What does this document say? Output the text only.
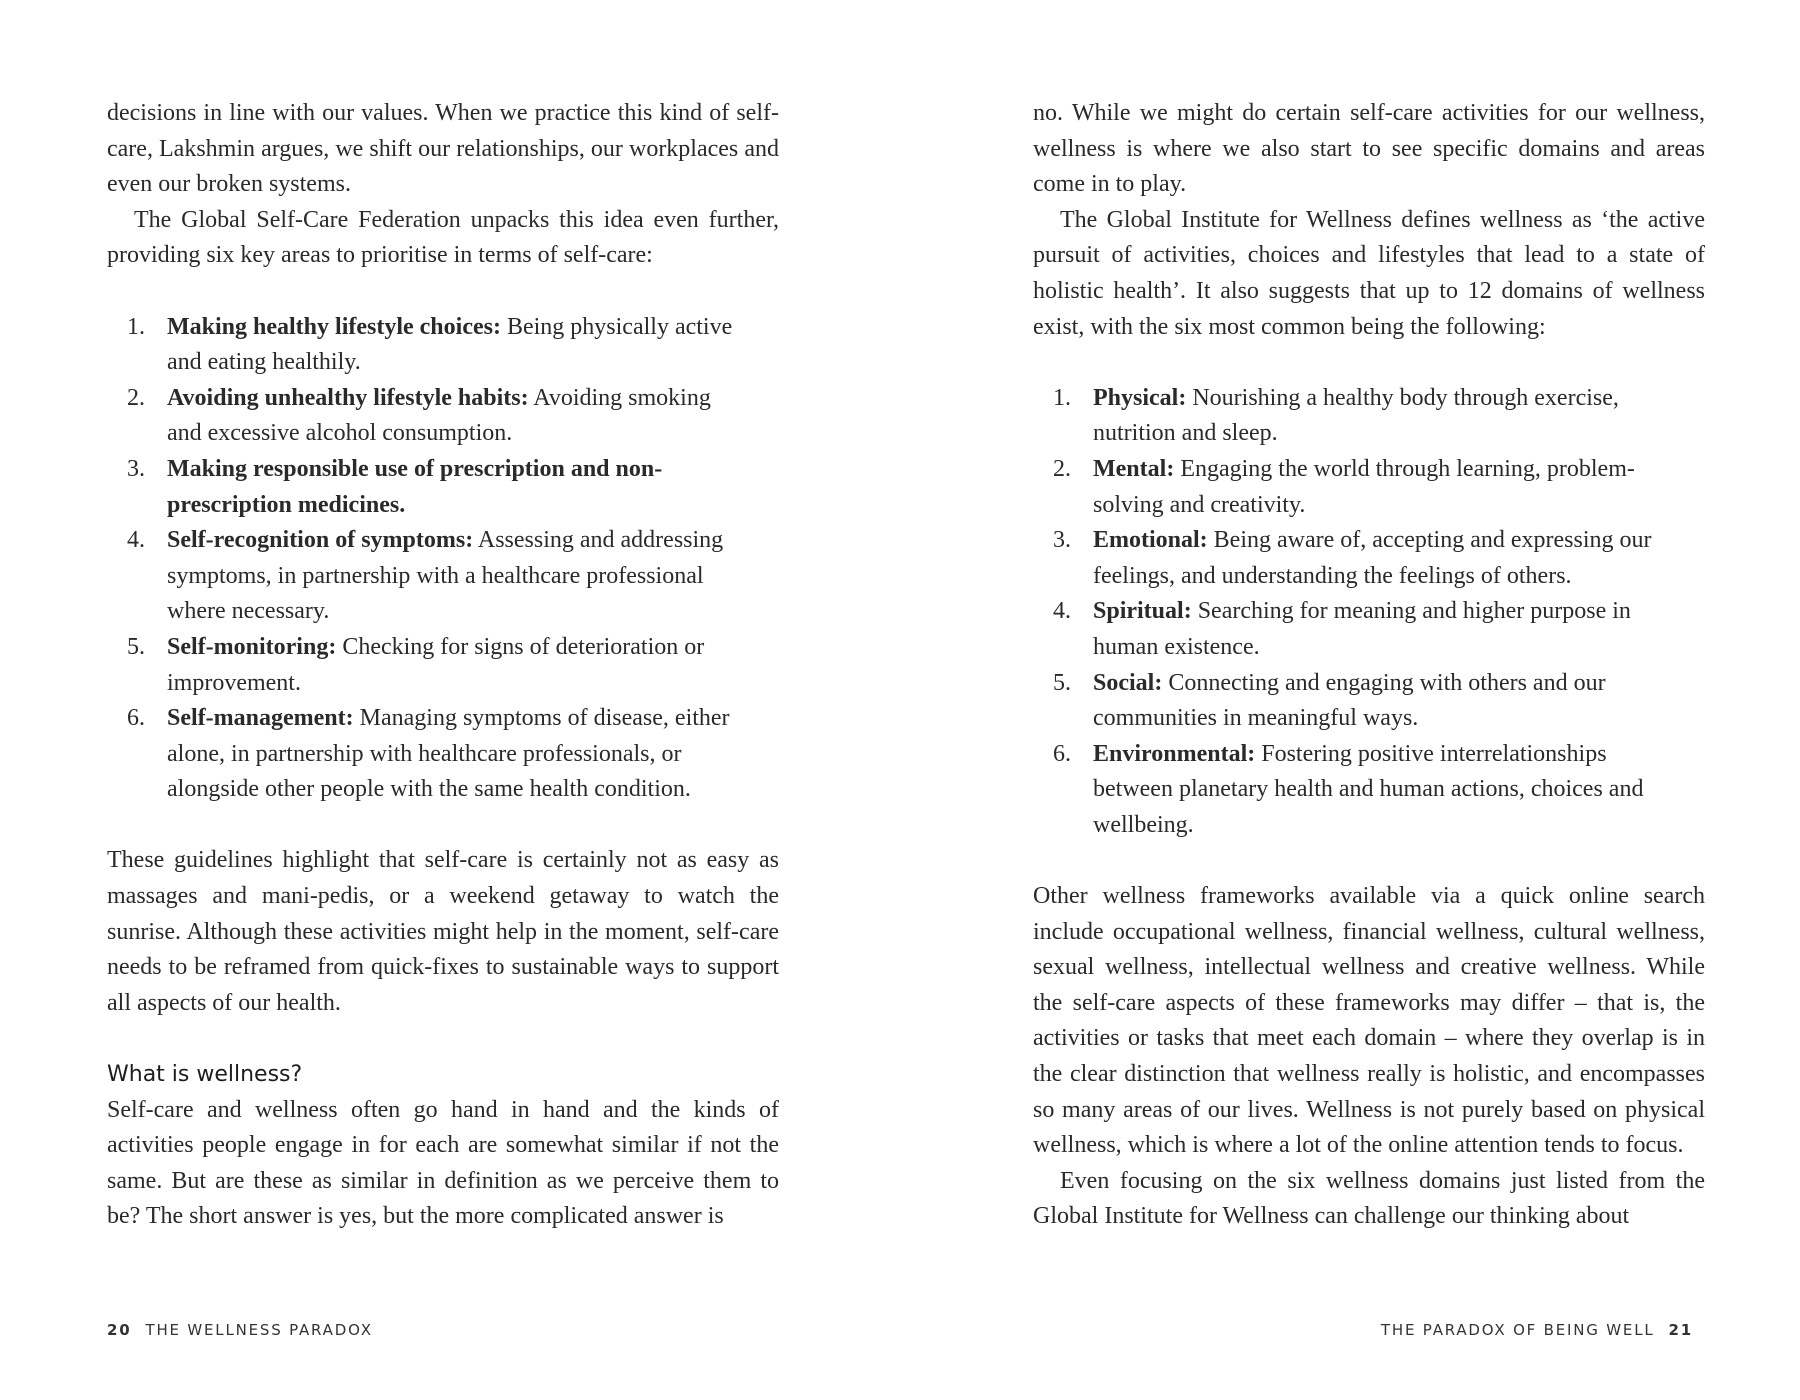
decisions in line with our values. When we practice this kind of self-care, Lakshmin argues, we shift our relationships, our workplaces and even our broken systems.

The Global Self-Care Federation unpacks this idea even further, providing six key areas to prioritise in terms of self-care:

1. Making healthy lifestyle choices: Being physically active and eating healthily.
2. Avoiding unhealthy lifestyle habits: Avoiding smoking and excessive alcohol consumption.
3. Making responsible use of prescription and non-prescription medicines.
4. Self-recognition of symptoms: Assessing and addressing symptoms, in partnership with a healthcare professional where necessary.
5. Self-monitoring: Checking for signs of deterioration or improvement.
6. Self-management: Managing symptoms of disease, either alone, in partnership with healthcare professionals, or alongside other people with the same health condition.

These guidelines highlight that self-care is certainly not as easy as massages and mani-pedis, or a weekend getaway to watch the sunrise. Although these activities might help in the moment, self-care needs to be reframed from quick-fixes to sustainable ways to support all aspects of our health.

What is wellness?

Self-care and wellness often go hand in hand and the kinds of activities people engage in for each are somewhat similar if not the same. But are these as similar in definition as we perceive them to be? The short answer is yes, but the more complicated answer is

20 THE WELLNESS PARADOX

no. While we might do certain self-care activities for our wellness, wellness is where we also start to see specific domains and areas come in to play.

The Global Institute for Wellness defines wellness as ‘the active pursuit of activities, choices and lifestyles that lead to a state of holistic health’. It also suggests that up to 12 domains of wellness exist, with the six most common being the following:

1. Physical: Nourishing a healthy body through exercise, nutrition and sleep.
2. Mental: Engaging the world through learning, problem-solving and creativity.
3. Emotional: Being aware of, accepting and expressing our feelings, and understanding the feelings of others.
4. Spiritual: Searching for meaning and higher purpose in human existence.
5. Social: Connecting and engaging with others and our communities in meaningful ways.
6. Environmental: Fostering positive interrelationships between planetary health and human actions, choices and wellbeing.

Other wellness frameworks available via a quick online search include occupational wellness, financial wellness, cultural wellness, sexual wellness, intellectual wellness and creative wellness. While the self-care aspects of these frameworks may differ – that is, the activities or tasks that meet each domain – where they overlap is in the clear distinction that wellness really is holistic, and encompasses so many areas of our lives. Wellness is not purely based on physical wellness, which is where a lot of the online attention tends to focus.

Even focusing on the six wellness domains just listed from the Global Institute for Wellness can challenge our thinking about

THE PARADOX OF BEING WELL 21
